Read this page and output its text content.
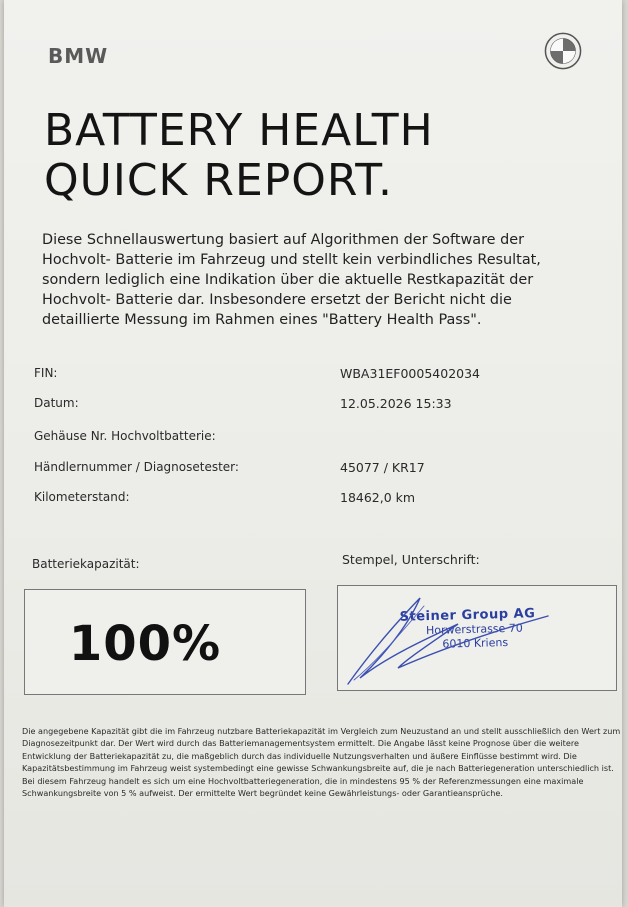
BMW
BATTERY HEALTH
QUICK REPORT.
Diese Schnellauswertung basiert auf Algorithmen der Software der Hochvolt- Batterie im Fahrzeug und stellt kein verbindliches Resultat, sondern lediglich eine Indikation über die aktuelle Restkapazität der Hochvolt- Batterie dar. Insbesondere ersetzt der Bericht nicht die detaillierte Messung im Rahmen eines "Battery Health Pass".
FIN:	WBA31EF0005402034
Datum:	12.05.2026 15:33
Gehäuse Nr. Hochvoltbatterie:
Händlernummer / Diagnosetester:	45077 / KR17
Kilometerstand:	18462,0 km
Batteriekapazität:	Stempel, Unterschrift:
100%
Steiner Group AG
Horwerstrasse 70
6010 Kriens
Die angegebene Kapazität gibt die im Fahrzeug nutzbare Batteriekapazität im Vergleich zum Neuzustand an und stellt ausschließlich den Wert zum Diagnosezeitpunkt dar. Der Wert wird durch das Batteriemanagementsystem ermittelt. Die Angabe lässt keine Prognose über die weitere Entwicklung der Batteriekapazität zu, die maßgeblich durch das individuelle Nutzungsverhalten und äußere Einflüsse bestimmt wird. Die Kapazitätsbestimmung im Fahrzeug weist systembedingt eine gewisse Schwankungsbreite auf, die je nach Batteriegeneration unterschiedlich ist. Bei diesem Fahrzeug handelt es sich um eine Hochvoltbatteriegeneration, die in mindestens 95 % der Referenzmessungen eine maximale Schwankungsbreite von 5 % aufweist. Der ermittelte Wert begründet keine Gewährleistungs- oder Garantieansprüche.
